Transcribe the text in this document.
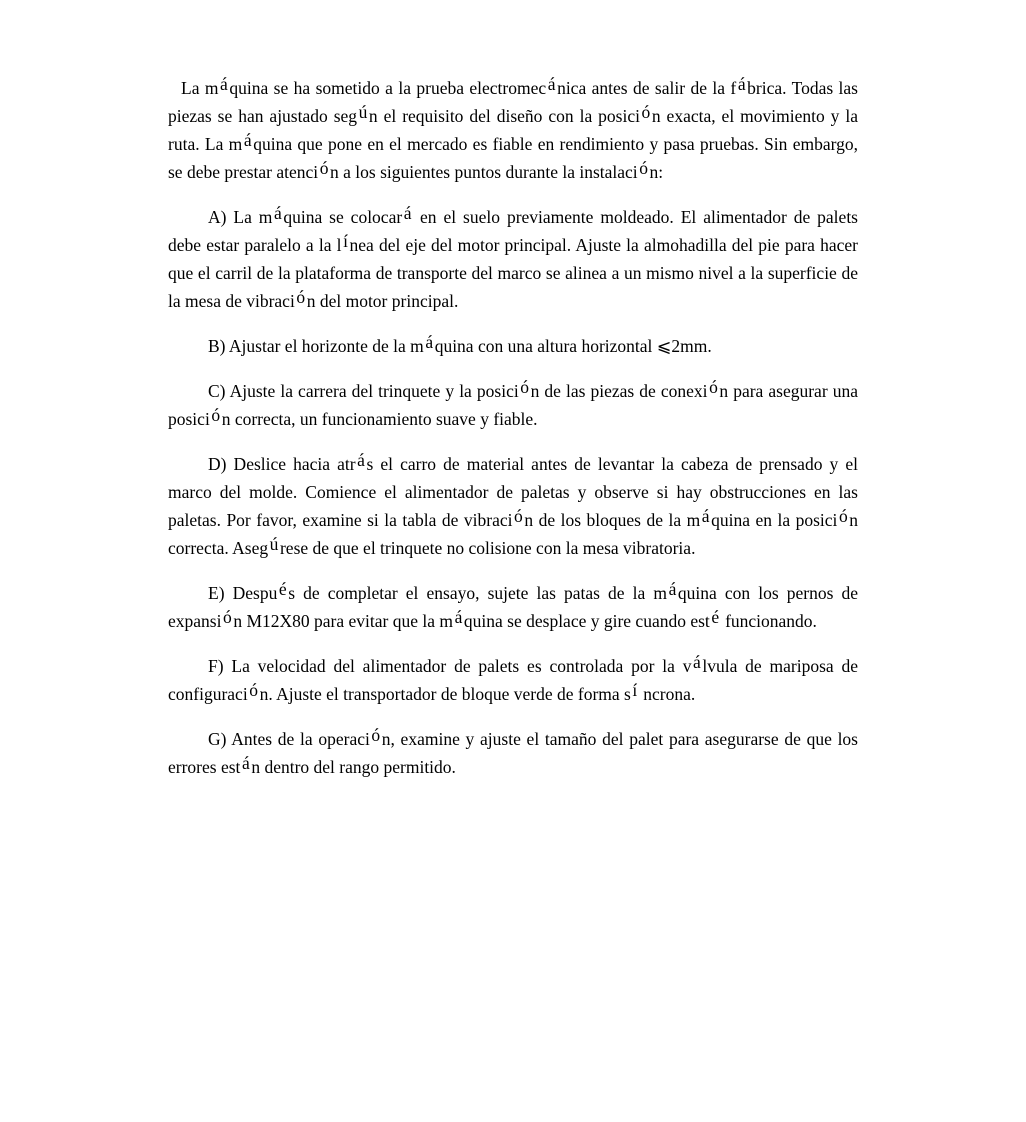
La máquina se ha sometido a la prueba electromecánica antes de salir de la fábrica. Todas las piezas se han ajustado según el requisito del diseño con la posición exacta, el movimiento y la ruta. La máquina que pone en el mercado es fiable en rendimiento y pasa pruebas. Sin embargo, se debe prestar atención a los siguientes puntos durante la instalación:

A) La máquina se colocará en el suelo previamente moldeado. El alimentador de palets debe estar paralelo a la línea del eje del motor principal. Ajuste la almohadilla del pie para hacer que el carril de la plataforma de transporte del marco se alinea a un mismo nivel a la superficie de la mesa de vibración del motor principal.

B) Ajustar el horizonte de la máquina con una altura horizontal ⩽2mm.

C) Ajuste la carrera del trinquete y la posición de las piezas de conexión para asegurar una posición correcta, un funcionamiento suave y fiable.

D) Deslice hacia atrás el carro de material antes de levantar la cabeza de prensado y el marco del molde. Comience el alimentador de paletas y observe si hay obstrucciones en las paletas. Por favor, examine si la tabla de vibración de los bloques de la máquina en la posición correcta. Asegúrese de que el trinquete no colisione con la mesa vibratoria.

E) Después de completar el ensayo, sujete las patas de la máquina con los pernos de expansión M12X80 para evitar que la máquina se desplace y gire cuando esté funcionando.

F) La velocidad del alimentador de palets es controlada por la válvula de mariposa de configuración. Ajuste el transportador de bloque verde de forma sí ncrona.

G) Antes de la operación, examine y ajuste el tamaño del palet para asegurarse de que los errores están dentro del rango permitido.
